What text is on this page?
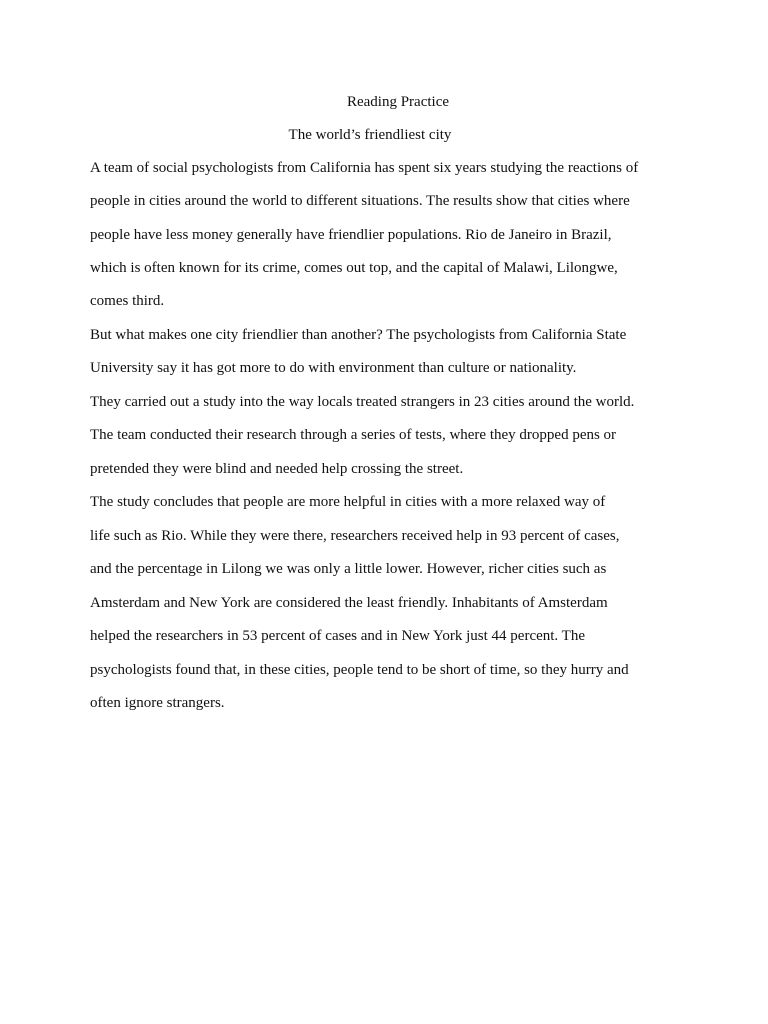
Reading Practice
The world’s friendliest city
A team of social psychologists from California has spent six years studying the reactions of
people in cities around the world to different situations. The results show that cities where
people have less money generally have friendlier populations. Rio de Janeiro in Brazil,
which is often known for its crime, comes out top, and the capital of Malawi, Lilongwe,
comes third.
But what makes one city friendlier than another? The psychologists from California State
University say it has got more to do with environment than culture or nationality.
They carried out a study into the way locals treated strangers in 23 cities around the world.
The team conducted their research through a series of tests, where they dropped pens or
pretended they were blind and needed help crossing the street.
The study concludes that people are more helpful in cities with a more relaxed way of
life such as Rio. While they were there, researchers received help in 93 percent of cases,
and the percentage in Lilong we was only a little lower. However, richer cities such as
Amsterdam and New York are considered the least friendly. Inhabitants of Amsterdam
helped the researchers in 53 percent of cases and in New York just 44 percent. The
psychologists found that, in these cities, people tend to be short of time, so they hurry and
often ignore strangers.
